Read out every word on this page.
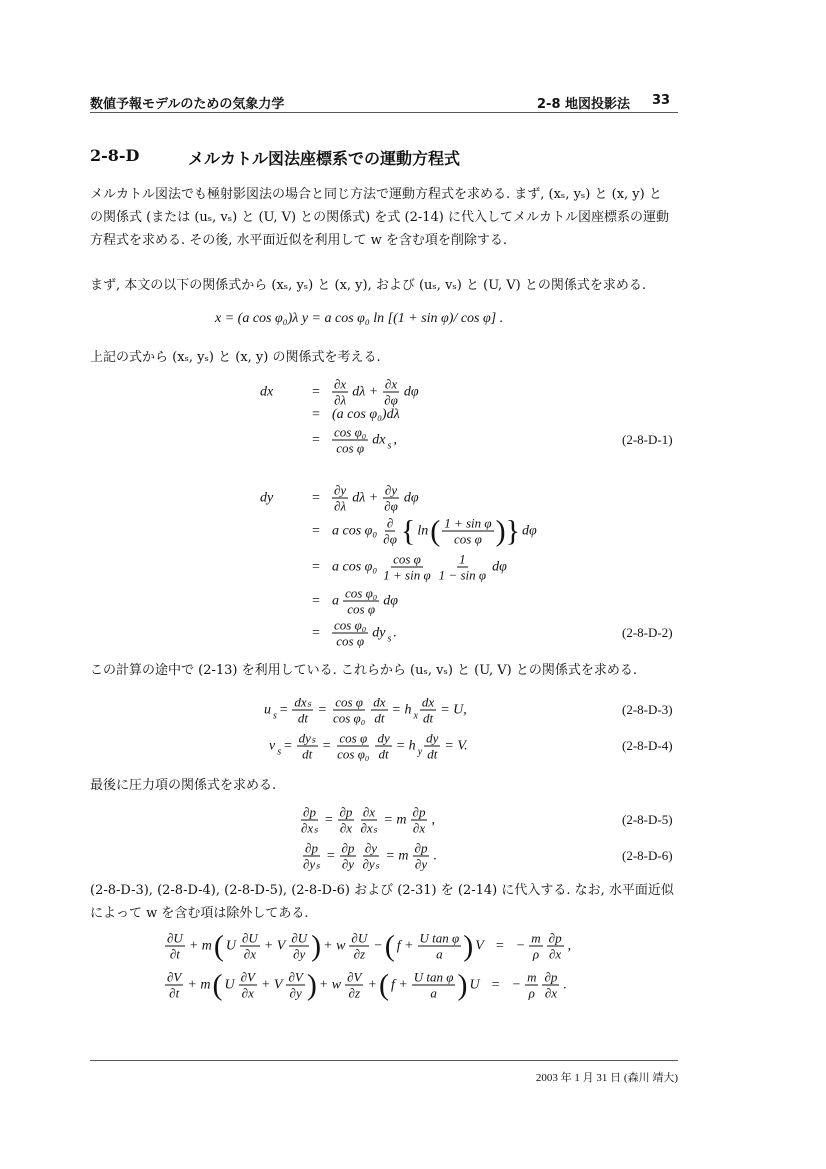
数値予報モデルのための気象力学	2-8 地図投影法 33
2-8-D	メルカトル図法座標系での運動方程式
メルカトル図法でも極射影図法の場合と同じ方法で運動方程式を求める. まず, (xₛ, yₛ) と (x, y) と
の関係式 (または (uₛ, vₛ) と (U, V) との関係式) を式 (2-14) に代入してメルカトル図座標系の運動
方程式を求める. その後, 水平面近似を利用して w を含む項を削除する.
まず, 本文の以下の関係式から (xₛ, yₛ) と (x, y), および (uₛ, vₛ) と (U, V) との関係式を求める.
x = (a cos φ₀)λ y = a cos φ₀ ln [(1 + sin φ)/ cos φ] .
上記の式から (xₛ, yₛ) と (x, y) の関係式を考える.
dx	= $\frac{\partial x}{\partial\lambda}$ $d\lambda + \frac{\partial x}{\partial\varphi}$ dφ
= (a cos φ₀)dλ
= $\frac{\text{cos φ₀}}{\text{cos φ}}$ dx s ,	(2-8-D-1)
dy	= $\frac{\partial y}{\partial\lambda}$ $d\lambda + \frac{\partial y}{\partial\varphi}$ dφ
= a $\cos \varphi_0 \frac{\partial}{\partial\varphi}$ { ln ( $\frac{\text{1 + sin φ}}{\text{cos φ}}$ ) } dφ
= a $\cos \varphi_0 \frac{\text{cos φ}}{\text{1 + sin φ}} \frac{1}{\text{1 − sin φ}}$ dφ
= a $\frac{\text{cos φ₀}}{\text{cos φ}}$ dφ
= $\frac{\text{cos φ₀}}{\text{cos φ}}$ dy s .	(2-8-D-2)
この計算の途中で (2-13) を利用している. これらから (uₛ, vₛ) と (U, V) との関係式を求める.
u $s = \frac{\text{dxₛ}}{dt} = \frac{\text{cos φ}}{\text{cos φ₀}} \frac{dx}{dt} = h$ x $\frac{dx}{dt} = U$,	(2-8-D-3)
v $s = \frac{\text{dyₛ}}{dt} = \frac{\text{cos φ}}{\text{cos φ₀}} \frac{dy}{dt} = h$ y $\frac{dy}{dt} = V$.	(2-8-D-4)
$\frac{\partial p}{\text{∂xₛ}} = \frac{\partial p}{\partial x} \frac{\partial x}{\text{∂xₛ}} = m \frac{\partial p}{\partial x}$ ,	(2-8-D-5)
$\frac{\partial p}{\text{∂yₛ}} = \frac{\partial p}{\partial y} \frac{\partial y}{\text{∂yₛ}} = m \frac{\partial p}{\partial y}$ .	(2-8-D-6)
最後に圧力項の関係式を求める.
(2-8-D-3), (2-8-D-4), (2-8-D-5), (2-8-D-6) および (2-31) を (2-14) に代入する. なお, 水平面近似
によって w を含む項は除外してある.
$\frac{\partial U}{\partial t} + m$ ( U $\frac{\partial U}{\partial x} + V \frac{\partial U}{\partial y}$ ) + w $\frac{\partial U}{\partial z}$ − ( $f + \frac{\text{U tan φ}}{a}$ ) V = − $\frac{m}{\rho} \frac{\partial p}{\partial x}$ ,
$\frac{\partial V}{\partial t} + m$ ( U $\frac{\partial V}{\partial x} + V \frac{\partial V}{\partial y}$ ) + w $\frac{\partial V}{\partial z}$ + ( $f + \frac{\text{U tan φ}}{a}$ ) U = − $\frac{m}{\rho} \frac{\partial p}{\partial x}$ .
2003 年 1 月 31 日 (森川 靖大)
